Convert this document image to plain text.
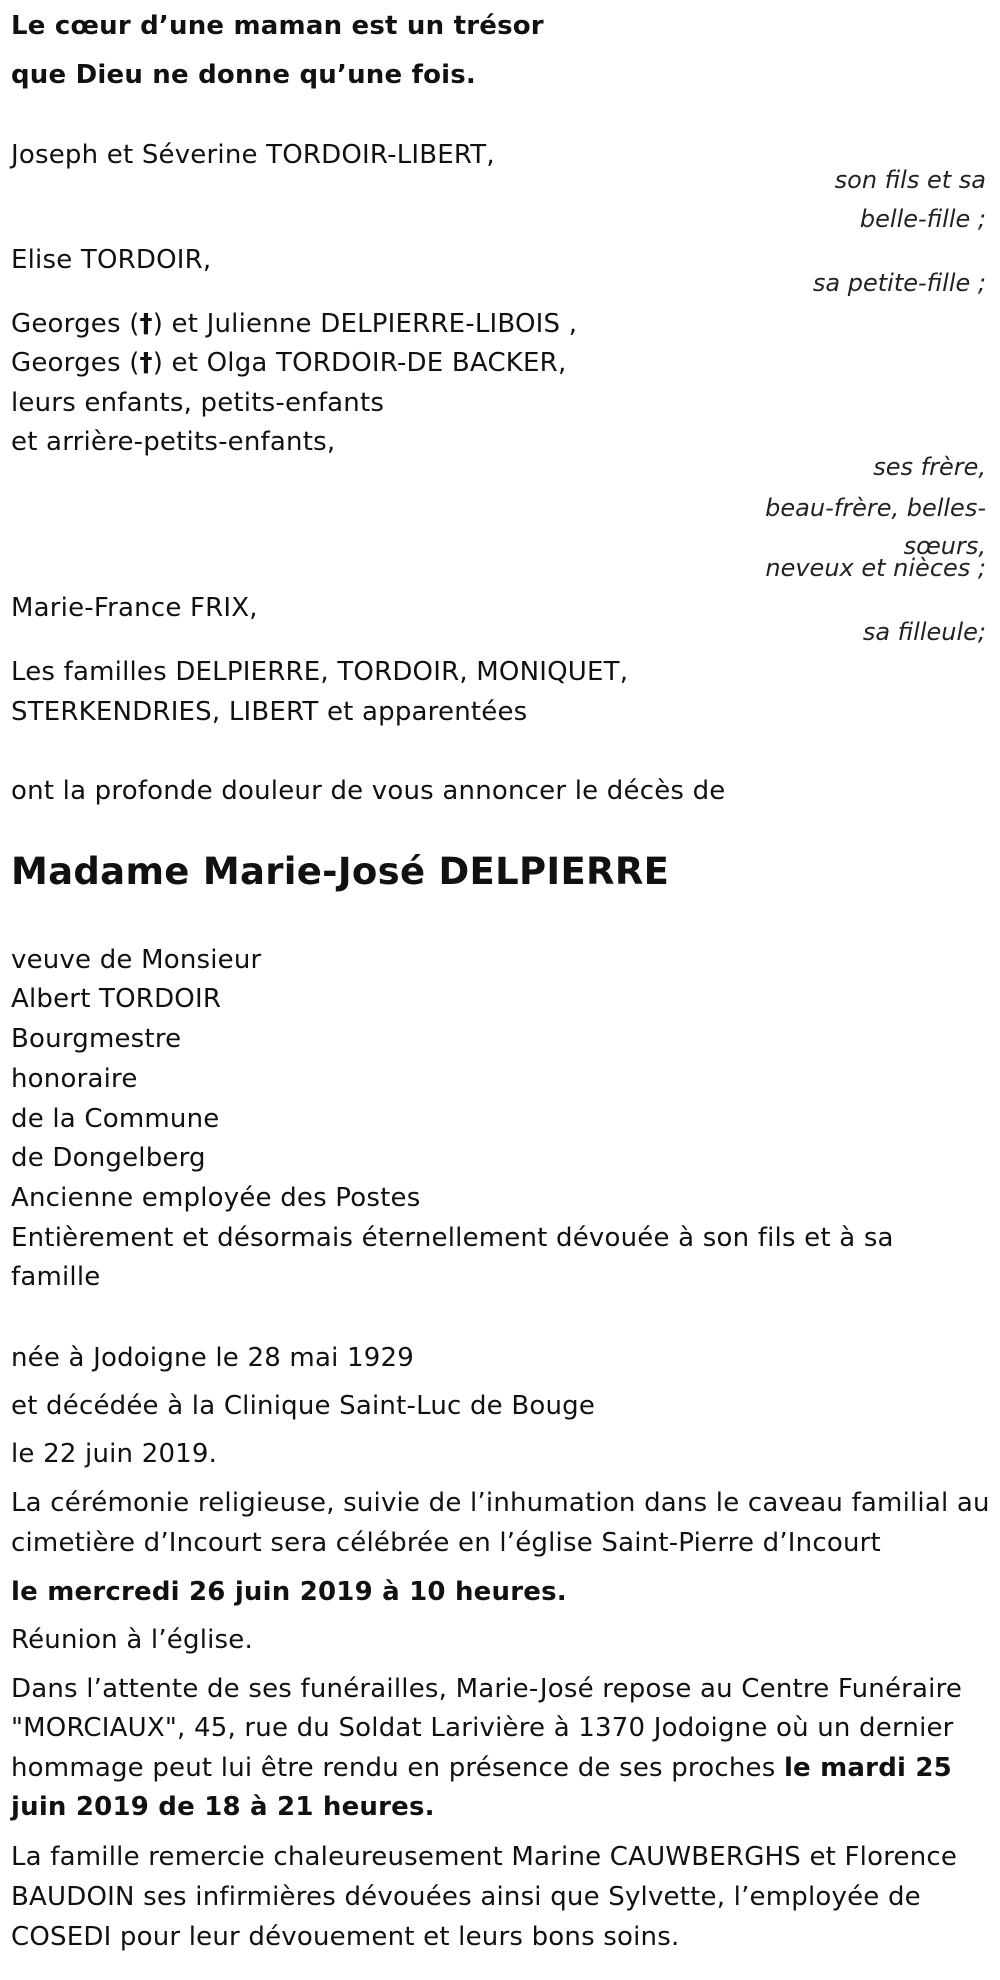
Le cœur d’une maman est un trésor
que Dieu ne donne qu’une fois.
Joseph et Séverine TORDOIR-LIBERT,
son fils et sa
belle-fille ;
Elise TORDOIR,
sa petite-fille ;
Georges (†) et Julienne DELPIERRE-LIBOIS ,
Georges (†) et Olga TORDOIR-DE BACKER,
leurs enfants, petits-enfants
et arrière-petits-enfants,
ses frère,
beau-frère, belles-
sœurs,
neveux et nièces ;
Marie-France FRIX,
sa filleule;
Les familles DELPIERRE, TORDOIR, MONIQUET,
STERKENDRIES, LIBERT et apparentées
ont la profonde douleur de vous annoncer le décès de
Madame Marie-José DELPIERRE
veuve de Monsieur
Albert TORDOIR
Bourgmestre
honoraire
de la Commune
de Dongelberg
Ancienne employée des Postes
Entièrement et désormais éternellement dévouée à son fils et à sa
famille
née à Jodoigne le 28 mai 1929
et décédée à la Clinique Saint-Luc de Bouge
le 22 juin 2019.
La cérémonie religieuse, suivie de l’inhumation dans le caveau familial au
cimetière d’Incourt sera célébrée en l’église Saint-Pierre d’Incourt
le mercredi 26 juin 2019 à 10 heures.
Réunion à l’église.
Dans l’attente de ses funérailles, Marie-José repose au Centre Funéraire
"MORCIAUX", 45, rue du Soldat Larivière à 1370 Jodoigne où un dernier
hommage peut lui être rendu en présence de ses proches le mardi 25
juin 2019 de 18 à 21 heures.
La famille remercie chaleureusement Marine CAUWBERGHS et Florence
BAUDOIN ses infirmières dévouées ainsi que Sylvette, l’employée de
COSEDI pour leur dévouement et leurs bons soins.
